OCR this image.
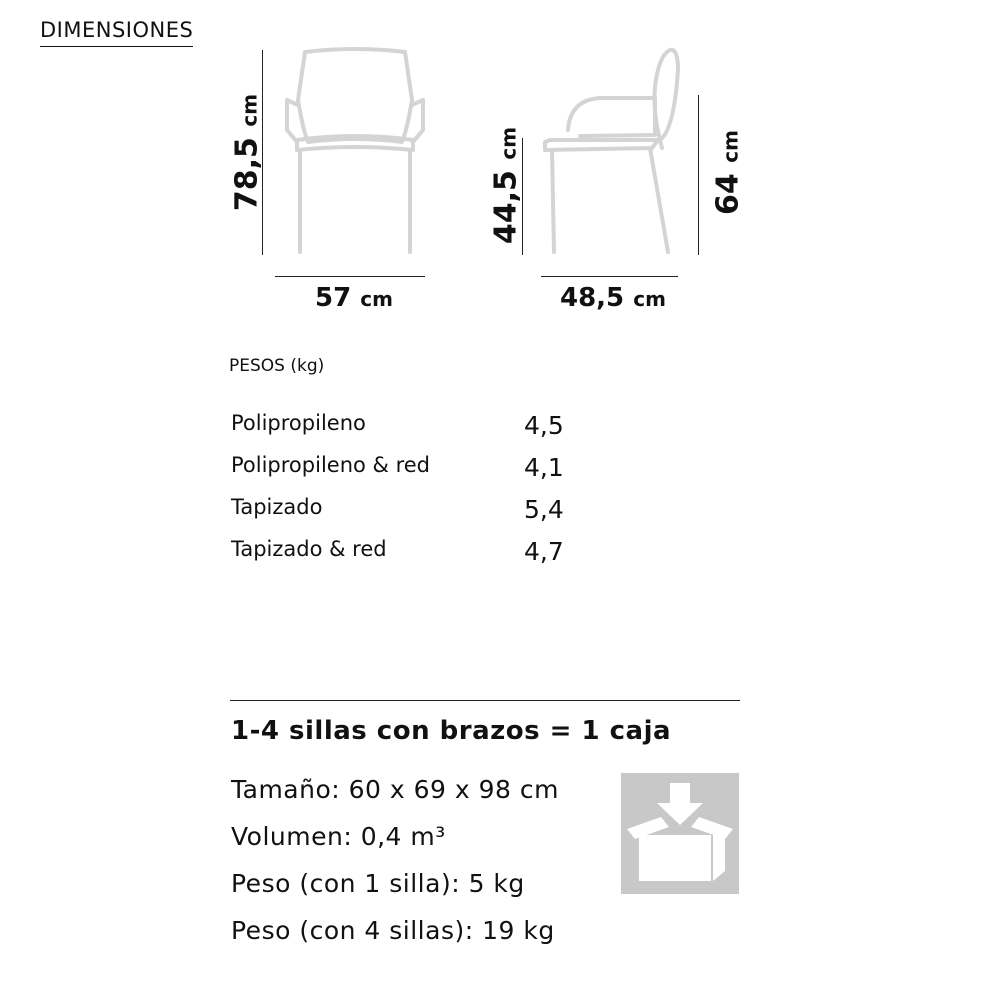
DIMENSIONES
78,5 cm
57 cm
44,5 cm
64 cm
48,5 cm
PESOS (kg)
Polipropileno	4,5
Polipropileno & red	4,1
Tapizado	5,4
Tapizado & red	4,7
1-4 sillas con brazos = 1 caja
Tamaño: 60 x 69 x 98 cm
Volumen: 0,4 m³
Peso (con 1 silla): 5 kg
Peso (con 4 sillas): 19 kg
